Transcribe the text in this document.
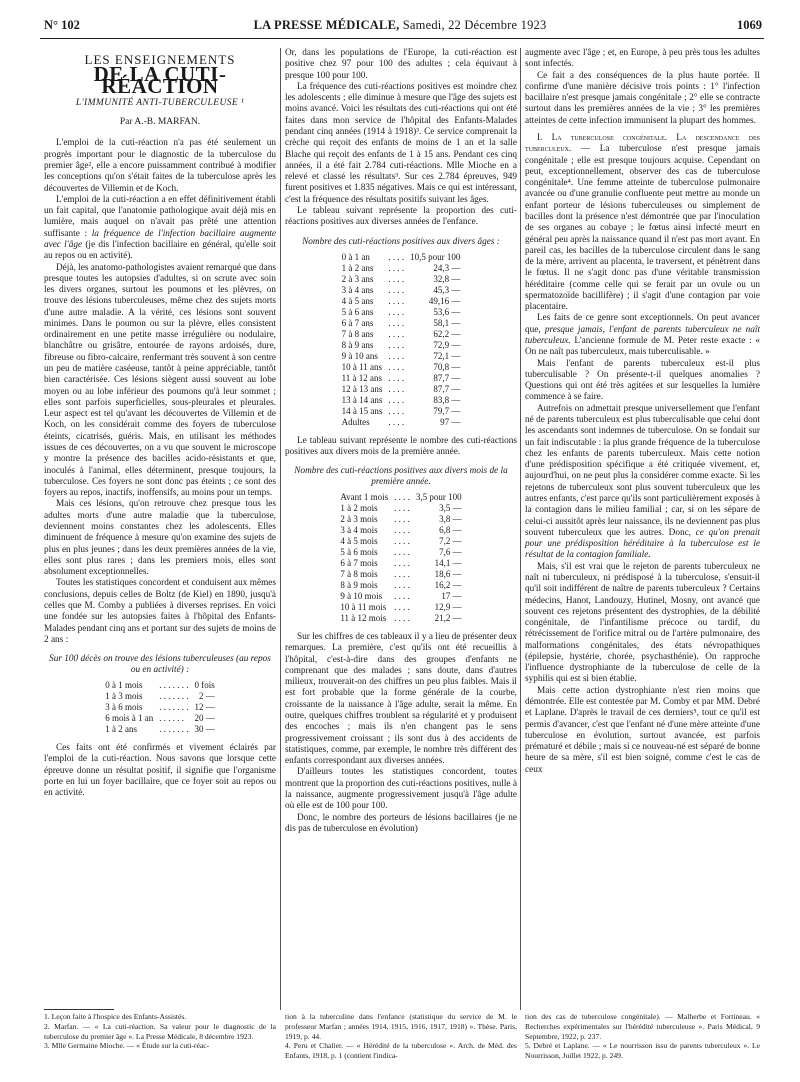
N° 102	LA PRESSE MÉDICALE, Samedi, 22 Décembre 1923	1069
LES ENSEIGNEMENTS
DE LA CUTI-RÉACTION
L'IMMUNITÉ ANTI-TUBERCULEUSE ¹
Par A.-B. MARFAN.

L'emploi de la cuti-réaction n'a pas été seulement un progrès important pour le diagnostic de la tuberculose du premier âge², elle a encore puissamment contribué à modifier les conceptions qu'on s'était faites de la tuberculose après les découvertes de Villemin et de Koch.

L'emploi de la cuti-réaction a en effet définitivement établi un fait capital, que l'anatomie pathologique avait déjà mis en lumière, mais auquel on n'avait pas prêté une attention suffisante : la fréquence de l'infection bacillaire augmente avec l'âge (je dis l'infection bacillaire en général, qu'elle soit au repos ou en activité).

Déjà, les anatomo-pathologistes avaient remarqué que dans presque toutes les autopsies d'adultes, si on scrute avec soin les divers organes, surtout les poumons et les plèvres, on trouve des lésions tuberculeuses, même chez des sujets morts d'une autre maladie. A la vérité, ces lésions sont souvent minimes. Dans le poumon ou sur la plèvre, elles consistent ordinairement en une petite masse irrégulière ou nodulaire, blanchâtre ou grisâtre, entourée de rayons ardoisés, dure, fibreuse ou fibro-calcaire, renfermant très souvent à son centre un peu de matière caséeuse, tantôt à peine appréciable, tantôt bien caractérisée. Ces lésions siègent aussi souvent au lobe moyen ou au lobe inférieur des poumons qu'à leur sommet ; elles sont parfois superficielles, sous-pleurales et pleurales. Leur aspect est tel qu'avant les découvertes de Villemin et de Koch, on les considérait comme des foyers de tuberculose éteints, cicatrisés, guéris. Mais, en utilisant les méthodes issues de ces découvertes, on a vu que souvent le microscope y montre la présence des bacilles acido-résistants et que, inoculés à l'animal, elles déterminent, presque toujours, la tuberculose. Ces foyers ne sont donc pas éteints ; ce sont des foyers au repos, inactifs, inoffensifs, au moins pour un temps.

Mais ces lésions, qu'on retrouve chez presque tous les adultes morts d'une autre maladie que la tuberculose, deviennent moins constantes chez les adolescents. Elles diminuent de fréquence à mesure qu'on examine des sujets de plus en plus jeunes ; dans les deux premières années de la vie, elles sont plus rares ; dans les premiers mois, elles sont absolument exceptionnelles.

Toutes les statistiques concordent et conduisent aux mêmes conclusions, depuis celles de Boltz (de Kiel) en 1890, jusqu'à celles que M. Comby a publiées à diverses reprises. En voici une fondée sur les autopsies faites à l'hôpital des Enfants-Malades pendant cinq ans et portant sur des sujets de moins de 2 ans :

Sur 100 décès on trouve des lésions tuberculeuses (au repos ou en activité) :
0 à 1 mois	. . . . . . .	0 fois
1 à 3 mois	. . . . . . .	2 —
3 à 6 mois	. . . . . . .	12 —
6 mois à 1 an	. . . . . .	20 —
1 à 2 ans	. . . . . . .	30 —

Ces faits ont été confirmés et vivement éclairés par l'emploi de la cuti-réaction. Nous savons que lorsque cette épreuve donne un résultat positif, il signifie que l'organisme porte en lui un foyer bacillaire, que ce foyer soit au repos ou en activité.

Or, dans les populations de l'Europe, la cuti-réaction est positive chez 97 pour 100 des adultes ; cela équivaut à presque 100 pour 100.

La fréquence des cuti-réactions positives est moindre chez les adolescents ; elle diminue à mesure que l'âge des sujets est moins avancé. Voici les résultats des cuti-réactions qui ont été faites dans mon service de l'hôpital des Enfants-Malades pendant cinq années (1914 à 1918)³. Ce service comprenait la crèche qui reçoit des enfants de moins de 1 an et la salle Blache qui reçoit des enfants de 1 à 15 ans. Pendant ces cinq années, il a été fait 2.784 cuti-réactions. Mlle Mioche en a relevé et classé les résultats³. Sur ces 2.784 épreuves, 949 furent positives et 1.835 négatives. Mais ce qui est intéressant, c'est la fréquence des résultats positifs suivant les âges.

Le tableau suivant représente la proportion des cuti-réactions positives aux diverses années de l'enfance.

Nombre des cuti-réactions positives aux divers âges :
0 à 1 an	. . . .	10,5 pour 100
1 à 2 ans	. . . .	24,3 —
2 à 3 ans	. . . .	32,8 —
3 à 4 ans	. . . .	45,3 —
4 à 5 ans	. . . .	49,16 —
5 à 6 ans	. . . .	53,6 —
6 à 7 ans	. . . .	58,1 —
7 à 8 ans	. . . .	62,2 —
8 à 9 ans	. . . .	72,9 —
9 à 10 ans	. . . .	72,1 —
10 à 11 ans	. . . .	70,8 —
11 à 12 ans	. . . .	87,7 —
12 à 13 ans	. . . .	87,7 —
13 à 14 ans	. . . .	83,8 —
14 à 15 ans	. . . .	79,7 —
Adultes	. . . .	97 —

Le tableau suivant représente le nombre des cuti-réactions positives aux divers mois de la première année.

Nombre des cuti-réactions positives aux divers mois de la première année.
Avant 1 mois	. . . .	3,5 pour 100
1 à 2 mois	. . . .	3,5 —
2 à 3 mois	. . . .	3,8 —
3 à 4 mois	. . . .	6,8 —
4 à 5 mois	. . . .	7,2 —
5 à 6 mois	. . . .	7,6 —
6 à 7 mois	. . . .	14,1 —
7 à 8 mois	. . . .	18,6 —
8 à 9 mois	. . . .	16,2 —
9 à 10 mois	. . . .	17 —
10 à 11 mois	. . . .	12,9 —
11 à 12 mois	. . . .	21,2 —

Sur les chiffres de ces tableaux il y a lieu de présenter deux remarques. La première, c'est qu'ils ont été recueillis à l'hôpital, c'est-à-dire dans des groupes d'enfants ne comprenant que des malades ; sans doute, dans d'autres milieux, trouverait-on des chiffres un peu plus faibles. Mais il est fort probable que la forme générale de la courbe, croissante de la naissance à l'âge adulte, serait la même. En outre, quelques chiffres troublent sa régularité et y produisent des encoches ; mais ils n'en changent pas le sens progressivement croissant ; ils sont dus à des accidents de statistiques, comme, par exemple, le nombre très différent des enfants correspondant aux diverses années.

D'ailleurs toutes les statistiques concordent, toutes montrent que la proportion des cuti-réactions positives, nulle à la naissance, augmente progressivement jusqu'à l'âge adulte où elle est de 100 pour 100.

Donc, le nombre des porteurs de lésions bacillaires (je ne dis pas de tuberculose en évolution)

augmente avec l'âge ; et, en Europe, à peu près tous les adultes sont infectés.

Ce fait a des conséquences de la plus haute portée. Il confirme d'une manière décisive trois points : 1° l'infection bacillaire n'est presque jamais congénitale ; 2° elle se contracte surtout dans les premières années de la vie ; 3° les premières atteintes de cette infection immunisent la plupart des hommes.

I. La tuberculose congénitale. La descendance des tuberculeux. — La tuberculose n'est presque jamais congénitale ; elle est presque toujours acquise. Cependant on peut, exceptionnellement, observer des cas de tuberculose congénitale⁴. Une femme atteinte de tuberculose pulmonaire avancée ou d'une granulie confluente peut mettre au monde un enfant porteur de lésions tuberculeuses ou simplement de bacilles dont la présence n'est démontrée que par l'inoculation de ses organes au cobaye ; le fœtus ainsi infecté meurt en général peu après la naissance quand il n'est pas mort avant. En pareil cas, les bacilles de la tuberculose circulent dans le sang de la mère, arrivent au placenta, le traversent, et pénètrent dans le fœtus. Il ne s'agit donc pas d'une véritable transmission héréditaire (comme celle qui se ferait par un ovule ou un spermatozoïde bacillifère) ; il s'agit d'une contagion par voie placentaire.

Les faits de ce genre sont exceptionnels. On peut avancer que, presque jamais, l'enfant de parents tuberculeux ne naît tuberculeux. L'ancienne formule de M. Peter reste exacte : « On ne naît pas tuberculeux, mais tuberculisable. »

Mais l'enfant de parents tuberculeux est-il plus tuberculisable ? On présente-t-il quelques anomalies ? Questions qui ont été très agitées et sur lesquelles la lumière commence à se faire.

Autrefois on admettait presque universellement que l'enfant né de parents tuberculeux est plus tuberculisable que celui dont les ascendants sont indemnes de tuberculose. On se fondait sur un fait indiscutable : la plus grande fréquence de la tuberculose chez les enfants de parents tuberculeux. Mais cette notion d'une prédisposition spécifique a été critiquée vivement, et, aujourd'hui, on ne peut plus la considérer comme exacte. Si les rejetons de tuberculeux sont plus souvent tuberculeux que les autres enfants, c'est parce qu'ils sont particulièrement exposés à la contagion dans le milieu familial ; car, si on les sépare de celui-ci aussitôt après leur naissance, ils ne deviennent pas plus souvent tuberculeux que les autres. Donc, ce qu'on prenait pour une prédisposition héréditaire à la tuberculose est le résultat de la contagion familiale.

Mais, s'il est vrai que le rejeton de parents tuberculeux ne naît ni tuberculeux, ni prédisposé à la tuberculose, s'ensuit-il qu'il soit indifférent de naître de parents tuberculeux ? Certains médecins, Hanot, Landouzy, Hutinel, Mosny, ont avancé que souvent ces rejetons présentent des dystrophies, de la débilité congénitale, de l'infantilisme précoce ou tardif, du rétrécissement de l'orifice mitral ou de l'artère pulmonaire, des malformations congénitales, des états névropathiques (épilepsie, hystérie, chorée, psychasthénie). On rapproche l'influence dystrophiante de la tuberculose de celle de la syphilis qui est si bien établie.

Mais cette action dystrophiante n'est rien moins que démontrée. Elle est contestée par M. Comby et par MM. Debré et Laplane. D'après le travail de ces derniers⁵, tout ce qu'il est permis d'avancer, c'est que l'enfant né d'une mère atteinte d'une tuberculose en évolution, surtout avancée, est parfois prématuré et débile ; mais si ce nouveau-né est séparé de bonne heure de sa mère, s'il est bien soigné, comme c'est le cas de ceux

1. Leçon faite à l'hospice des Enfants-Assistés.
2. Marfan. — « La cuti-réaction. Sa valeur pour le diagnostic de la tuberculose du premier âge ». La Presse Médicale, 8 décembre 1923.
3. Mlle Germaine Mioche. — « Étude sur la cuti-réac-
tion à la tuberculine dans l'enfance (statistique du service de M. le professeur Marfan ; années 1914, 1915, 1916, 1917, 1918) ». Thèse. Paris, 1919, p. 44.
4. Peru et Chalier. — « Hérédité de la tuberculose ». Arch. de Méd. des Enfants, 1918, p. 1 (contient l'indica-
tion des cas de tuberculose congénitale). — Malherbe et Fortineau. « Recherches expérimentales sur l'hérédité tuberculeuse ». Paris Médical, 9 Septembre, 1922, p. 237.
5. Debré et Laplane. — « Le nourrisson issu de parents tuberculeux ». Le Nourrisson, Juillet 1922, p. 249.
